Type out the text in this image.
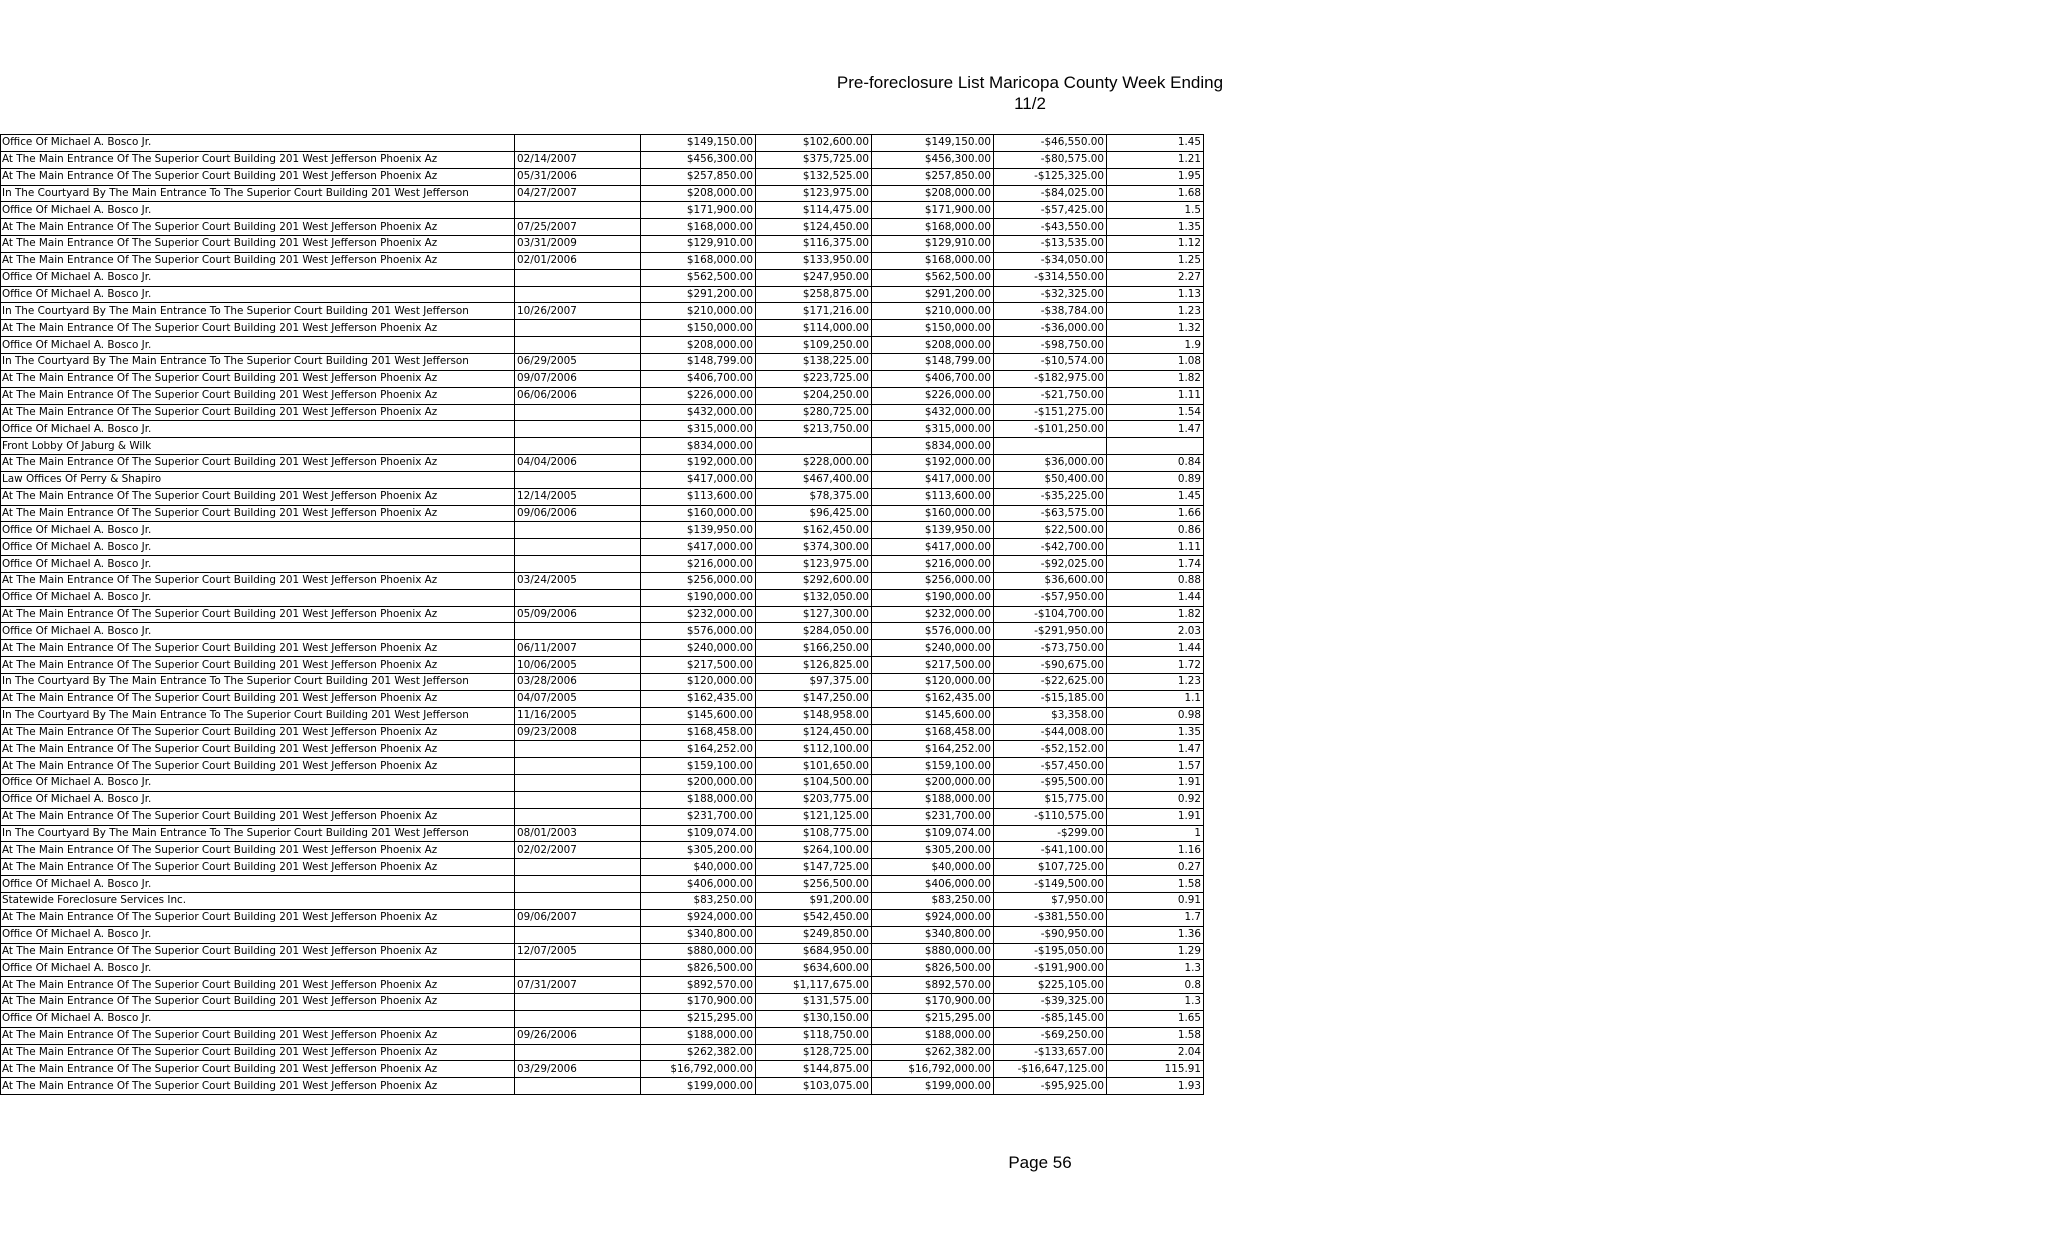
Pre-foreclosure List Maricopa County Week Ending 11/2
Office Of Michael A. Bosco Jr.		$149,150.00	$102,600.00	$149,150.00	-$46,550.00	1.45
At The Main Entrance Of The Superior Court Building 201 West Jefferson Phoenix Az	02/14/2007	$456,300.00	$375,725.00	$456,300.00	-$80,575.00	1.21
At The Main Entrance Of The Superior Court Building 201 West Jefferson Phoenix Az	05/31/2006	$257,850.00	$132,525.00	$257,850.00	-$125,325.00	1.95
In The Courtyard By The Main Entrance To The Superior Court Building 201 West Jefferson	04/27/2007	$208,000.00	$123,975.00	$208,000.00	-$84,025.00	1.68
Office Of Michael A. Bosco Jr.		$171,900.00	$114,475.00	$171,900.00	-$57,425.00	1.5
At The Main Entrance Of The Superior Court Building 201 West Jefferson Phoenix Az	07/25/2007	$168,000.00	$124,450.00	$168,000.00	-$43,550.00	1.35
At The Main Entrance Of The Superior Court Building 201 West Jefferson Phoenix Az	03/31/2009	$129,910.00	$116,375.00	$129,910.00	-$13,535.00	1.12
At The Main Entrance Of The Superior Court Building 201 West Jefferson Phoenix Az	02/01/2006	$168,000.00	$133,950.00	$168,000.00	-$34,050.00	1.25
Office Of Michael A. Bosco Jr.		$562,500.00	$247,950.00	$562,500.00	-$314,550.00	2.27
Office Of Michael A. Bosco Jr.		$291,200.00	$258,875.00	$291,200.00	-$32,325.00	1.13
In The Courtyard By The Main Entrance To The Superior Court Building 201 West Jefferson	10/26/2007	$210,000.00	$171,216.00	$210,000.00	-$38,784.00	1.23
At The Main Entrance Of The Superior Court Building 201 West Jefferson Phoenix Az		$150,000.00	$114,000.00	$150,000.00	-$36,000.00	1.32
Office Of Michael A. Bosco Jr.		$208,000.00	$109,250.00	$208,000.00	-$98,750.00	1.9
In The Courtyard By The Main Entrance To The Superior Court Building 201 West Jefferson	06/29/2005	$148,799.00	$138,225.00	$148,799.00	-$10,574.00	1.08
At The Main Entrance Of The Superior Court Building 201 West Jefferson Phoenix Az	09/07/2006	$406,700.00	$223,725.00	$406,700.00	-$182,975.00	1.82
At The Main Entrance Of The Superior Court Building 201 West Jefferson Phoenix Az	06/06/2006	$226,000.00	$204,250.00	$226,000.00	-$21,750.00	1.11
At The Main Entrance Of The Superior Court Building 201 West Jefferson Phoenix Az		$432,000.00	$280,725.00	$432,000.00	-$151,275.00	1.54
Office Of Michael A. Bosco Jr.		$315,000.00	$213,750.00	$315,000.00	-$101,250.00	1.47
Front Lobby Of Jaburg & Wilk		$834,000.00		$834,000.00		
At The Main Entrance Of The Superior Court Building 201 West Jefferson Phoenix Az	04/04/2006	$192,000.00	$228,000.00	$192,000.00	$36,000.00	0.84
Law Offices Of Perry & Shapiro		$417,000.00	$467,400.00	$417,000.00	$50,400.00	0.89
At The Main Entrance Of The Superior Court Building 201 West Jefferson Phoenix Az	12/14/2005	$113,600.00	$78,375.00	$113,600.00	-$35,225.00	1.45
At The Main Entrance Of The Superior Court Building 201 West Jefferson Phoenix Az	09/06/2006	$160,000.00	$96,425.00	$160,000.00	-$63,575.00	1.66
Office Of Michael A. Bosco Jr.		$139,950.00	$162,450.00	$139,950.00	$22,500.00	0.86
Office Of Michael A. Bosco Jr.		$417,000.00	$374,300.00	$417,000.00	-$42,700.00	1.11
Office Of Michael A. Bosco Jr.		$216,000.00	$123,975.00	$216,000.00	-$92,025.00	1.74
At The Main Entrance Of The Superior Court Building 201 West Jefferson Phoenix Az	03/24/2005	$256,000.00	$292,600.00	$256,000.00	$36,600.00	0.88
Office Of Michael A. Bosco Jr.		$190,000.00	$132,050.00	$190,000.00	-$57,950.00	1.44
At The Main Entrance Of The Superior Court Building 201 West Jefferson Phoenix Az	05/09/2006	$232,000.00	$127,300.00	$232,000.00	-$104,700.00	1.82
Office Of Michael A. Bosco Jr.		$576,000.00	$284,050.00	$576,000.00	-$291,950.00	2.03
At The Main Entrance Of The Superior Court Building 201 West Jefferson Phoenix Az	06/11/2007	$240,000.00	$166,250.00	$240,000.00	-$73,750.00	1.44
At The Main Entrance Of The Superior Court Building 201 West Jefferson Phoenix Az	10/06/2005	$217,500.00	$126,825.00	$217,500.00	-$90,675.00	1.72
In The Courtyard By The Main Entrance To The Superior Court Building 201 West Jefferson	03/28/2006	$120,000.00	$97,375.00	$120,000.00	-$22,625.00	1.23
At The Main Entrance Of The Superior Court Building 201 West Jefferson Phoenix Az	04/07/2005	$162,435.00	$147,250.00	$162,435.00	-$15,185.00	1.1
In The Courtyard By The Main Entrance To The Superior Court Building 201 West Jefferson	11/16/2005	$145,600.00	$148,958.00	$145,600.00	$3,358.00	0.98
At The Main Entrance Of The Superior Court Building 201 West Jefferson Phoenix Az	09/23/2008	$168,458.00	$124,450.00	$168,458.00	-$44,008.00	1.35
At The Main Entrance Of The Superior Court Building 201 West Jefferson Phoenix Az		$164,252.00	$112,100.00	$164,252.00	-$52,152.00	1.47
At The Main Entrance Of The Superior Court Building 201 West Jefferson Phoenix Az		$159,100.00	$101,650.00	$159,100.00	-$57,450.00	1.57
Office Of Michael A. Bosco Jr.		$200,000.00	$104,500.00	$200,000.00	-$95,500.00	1.91
Office Of Michael A. Bosco Jr.		$188,000.00	$203,775.00	$188,000.00	$15,775.00	0.92
At The Main Entrance Of The Superior Court Building 201 West Jefferson Phoenix Az		$231,700.00	$121,125.00	$231,700.00	-$110,575.00	1.91
In The Courtyard By The Main Entrance To The Superior Court Building 201 West Jefferson	08/01/2003	$109,074.00	$108,775.00	$109,074.00	-$299.00	1
At The Main Entrance Of The Superior Court Building 201 West Jefferson Phoenix Az	02/02/2007	$305,200.00	$264,100.00	$305,200.00	-$41,100.00	1.16
At The Main Entrance Of The Superior Court Building 201 West Jefferson Phoenix Az		$40,000.00	$147,725.00	$40,000.00	$107,725.00	0.27
Office Of Michael A. Bosco Jr.		$406,000.00	$256,500.00	$406,000.00	-$149,500.00	1.58
Statewide Foreclosure Services Inc.		$83,250.00	$91,200.00	$83,250.00	$7,950.00	0.91
At The Main Entrance Of The Superior Court Building 201 West Jefferson Phoenix Az	09/06/2007	$924,000.00	$542,450.00	$924,000.00	-$381,550.00	1.7
Office Of Michael A. Bosco Jr.		$340,800.00	$249,850.00	$340,800.00	-$90,950.00	1.36
At The Main Entrance Of The Superior Court Building 201 West Jefferson Phoenix Az	12/07/2005	$880,000.00	$684,950.00	$880,000.00	-$195,050.00	1.29
Office Of Michael A. Bosco Jr.		$826,500.00	$634,600.00	$826,500.00	-$191,900.00	1.3
At The Main Entrance Of The Superior Court Building 201 West Jefferson Phoenix Az	07/31/2007	$892,570.00	$1,117,675.00	$892,570.00	$225,105.00	0.8
At The Main Entrance Of The Superior Court Building 201 West Jefferson Phoenix Az		$170,900.00	$131,575.00	$170,900.00	-$39,325.00	1.3
Office Of Michael A. Bosco Jr.		$215,295.00	$130,150.00	$215,295.00	-$85,145.00	1.65
At The Main Entrance Of The Superior Court Building 201 West Jefferson Phoenix Az	09/26/2006	$188,000.00	$118,750.00	$188,000.00	-$69,250.00	1.58
At The Main Entrance Of The Superior Court Building 201 West Jefferson Phoenix Az		$262,382.00	$128,725.00	$262,382.00	-$133,657.00	2.04
At The Main Entrance Of The Superior Court Building 201 West Jefferson Phoenix Az	03/29/2006	$16,792,000.00	$144,875.00	$16,792,000.00	-$16,647,125.00	115.91
At The Main Entrance Of The Superior Court Building 201 West Jefferson Phoenix Az		$199,000.00	$103,075.00	$199,000.00	-$95,925.00	1.93
Page 56
